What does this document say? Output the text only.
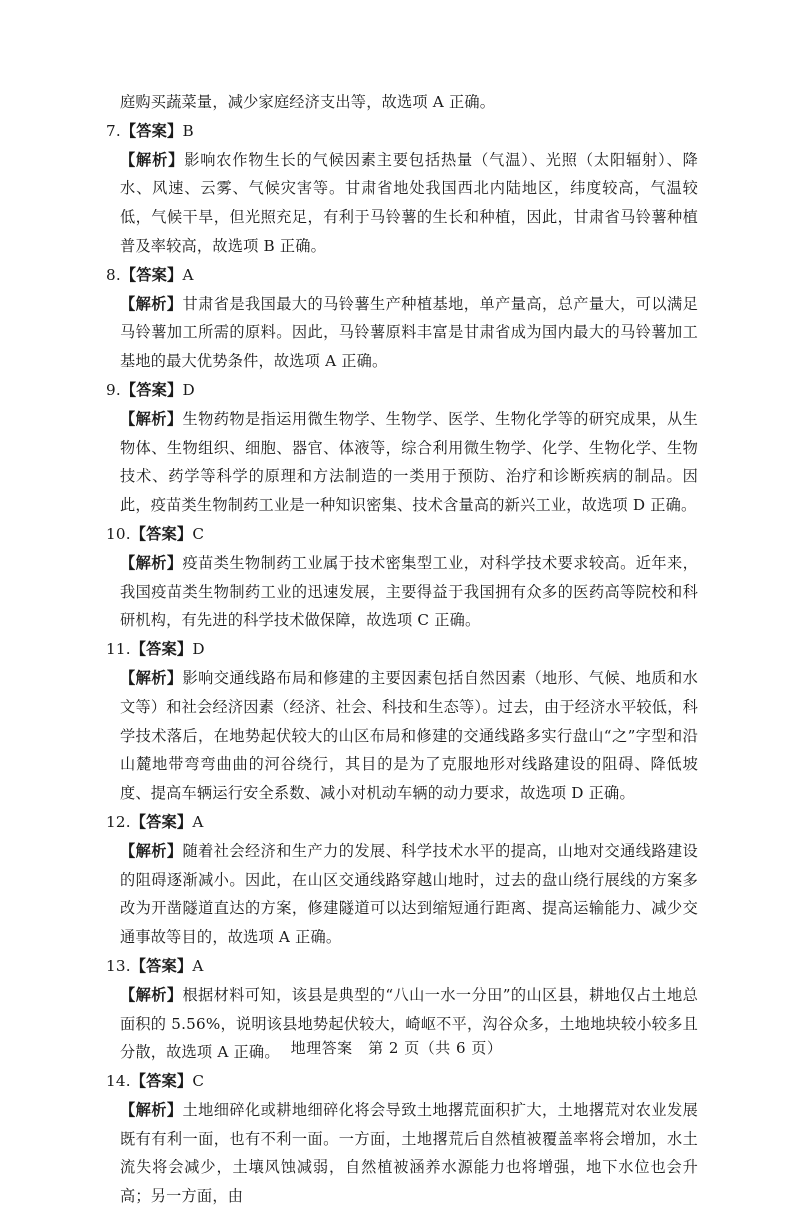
庭购买蔬菜量，减少家庭经济支出等，故选项 A 正确。

7.【答案】B

【解析】影响农作物生长的气候因素主要包括热量（气温）、光照（太阳辐射）、降水、风速、云雾、气候灾害等。甘肃省地处我国西北内陆地区，纬度较高，气温较低，气候干旱，但光照充足，有利于马铃薯的生长和种植，因此，甘肃省马铃薯种植普及率较高，故选项 B 正确。

8.【答案】A

【解析】甘肃省是我国最大的马铃薯生产种植基地，单产量高，总产量大，可以满足马铃薯加工所需的原料。因此，马铃薯原料丰富是甘肃省成为国内最大的马铃薯加工基地的最大优势条件，故选项 A 正确。

9.【答案】D

【解析】生物药物是指运用微生物学、生物学、医学、生物化学等的研究成果，从生物体、生物组织、细胞、器官、体液等，综合利用微生物学、化学、生物化学、生物技术、药学等科学的原理和方法制造的一类用于预防、治疗和诊断疾病的制品。因此，疫苗类生物制药工业是一种知识密集、技术含量高的新兴工业，故选项 D 正确。

10.【答案】C

【解析】疫苗类生物制药工业属于技术密集型工业，对科学技术要求较高。近年来，我国疫苗类生物制药工业的迅速发展，主要得益于我国拥有众多的医药高等院校和科研机构，有先进的科学技术做保障，故选项 C 正确。

11.【答案】D

【解析】影响交通线路布局和修建的主要因素包括自然因素（地形、气候、地质和水文等）和社会经济因素（经济、社会、科技和生态等）。过去，由于经济水平较低，科学技术落后，在地势起伏较大的山区布局和修建的交通线路多实行盘山“之”字型和沿山麓地带弯弯曲曲的河谷绕行，其目的是为了克服地形对线路建设的阻碍、降低坡度、提高车辆运行安全系数、减小对机动车辆的动力要求，故选项 D 正确。

12.【答案】A

【解析】随着社会经济和生产力的发展、科学技术水平的提高，山地对交通线路建设的阻碍逐渐减小。因此，在山区交通线路穿越山地时，过去的盘山绕行展线的方案多改为开凿隧道直达的方案，修建隧道可以达到缩短通行距离、提高运输能力、减少交通事故等目的，故选项 A 正确。

13.【答案】A

【解析】根据材料可知，该县是典型的“八山一水一分田”的山区县，耕地仅占土地总面积的 5.56%，说明该县地势起伏较大，崎岖不平，沟谷众多，土地地块较小较多且分散，故选项 A 正确。

14.【答案】C

【解析】土地细碎化或耕地细碎化将会导致土地撂荒面积扩大，土地撂荒对农业发展既有有利一面，也有不利一面。一方面，土地撂荒后自然植被覆盖率将会增加，水土流失将会减少，土壤风蚀减弱，自然植被涵养水源能力也将增强，地下水位也会升高；另一方面，由

地理答案　第 2 页（共 6 页）
